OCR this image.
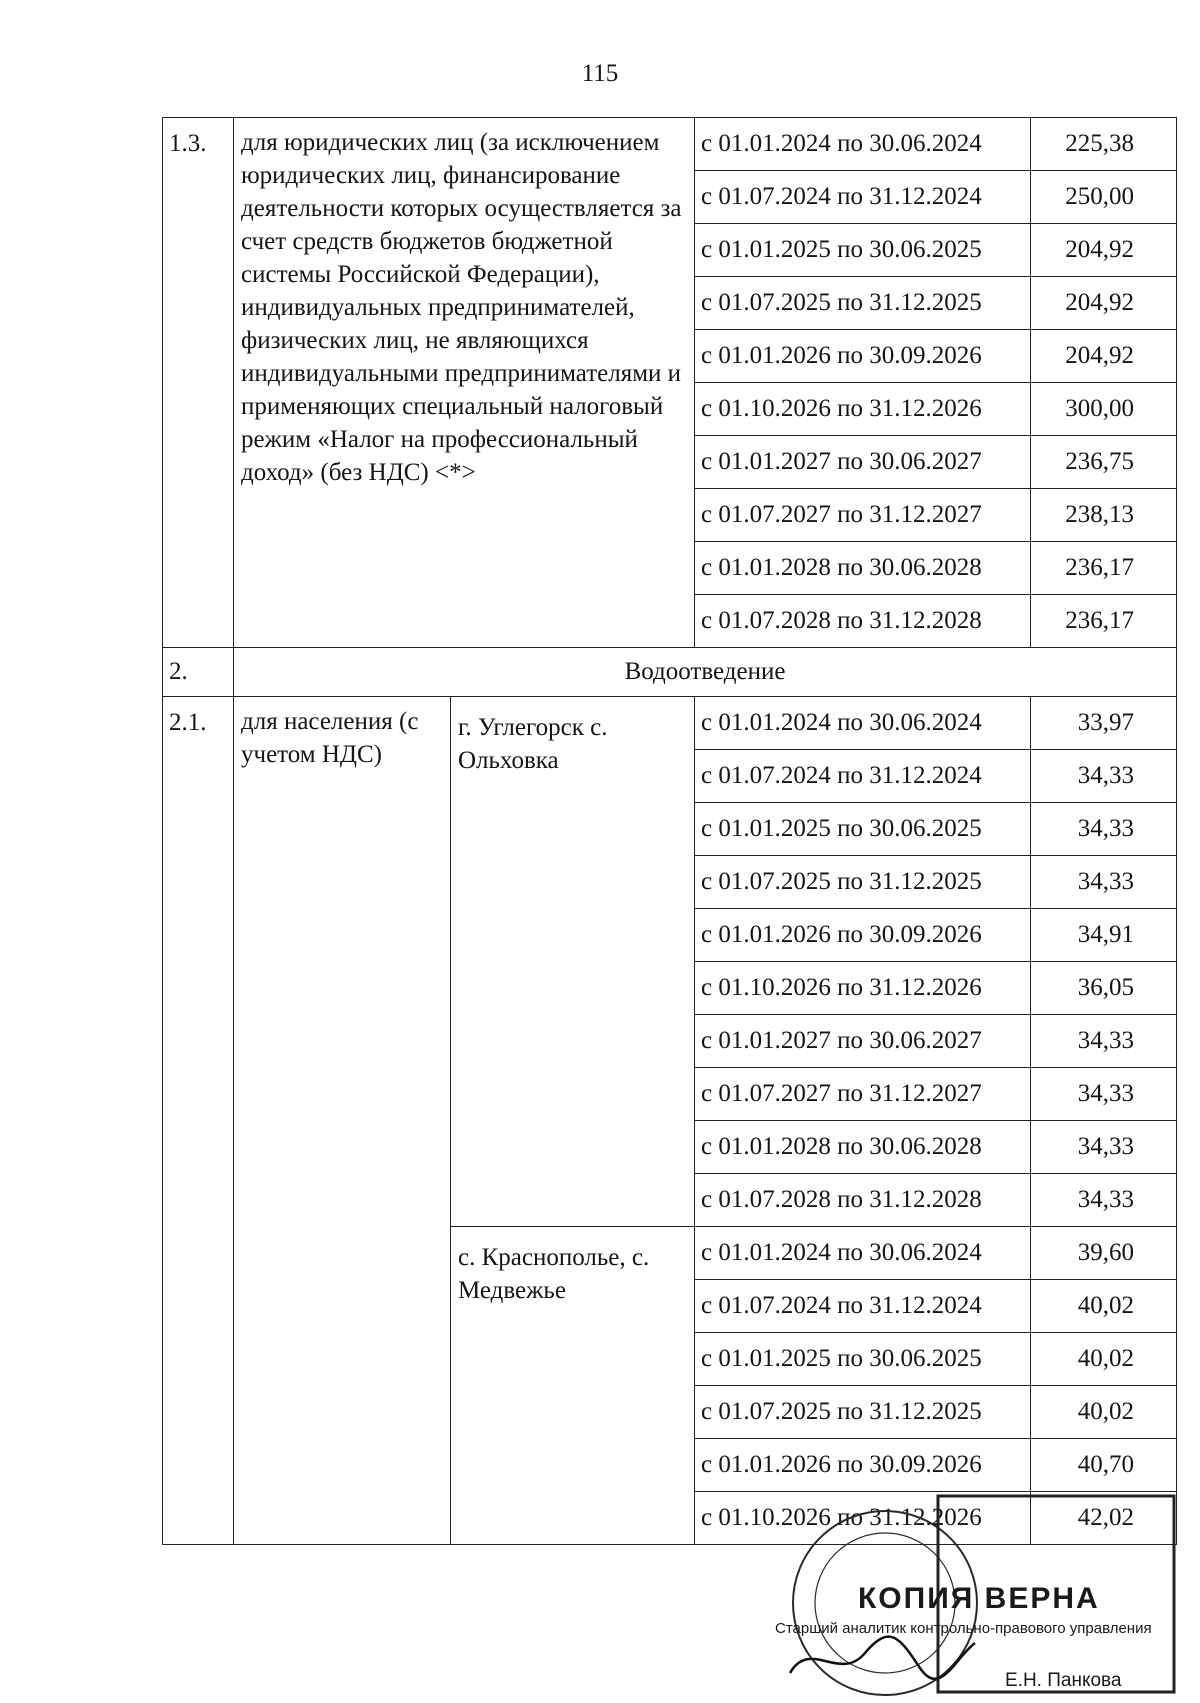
115
1.3.	для юридических лиц (за исключением юридических лиц, финансирование деятельности которых осуществляется за счет средств бюджетов бюджетной системы Российской Федерации), индивидуальных предпринимателей, физических лиц, не являющихся индивидуальными предпринимателями и применяющих специальный налоговый режим «Налог на профессиональный доход» (без НДС) <*>		с 01.01.2024 по 30.06.2024	225,38
			с 01.07.2024 по 31.12.2024	250,00
			с 01.01.2025 по 30.06.2025	204,92
			с 01.07.2025 по 31.12.2025	204,92
			с 01.01.2026 по 30.09.2026	204,92
			с 01.10.2026 по 31.12.2026	300,00
			с 01.01.2027 по 30.06.2027	236,75
			с 01.07.2027 по 31.12.2027	238,13
			с 01.01.2028 по 30.06.2028	236,17
			с 01.07.2028 по 31.12.2028	236,17
2.	Водоотведение			
2.1.	для населения (с учетом НДС)	г. Углегорск с. Ольховка	с 01.01.2024 по 30.06.2024	33,97
			с 01.07.2024 по 31.12.2024	34,33
			с 01.01.2025 по 30.06.2025	34,33
			с 01.07.2025 по 31.12.2025	34,33
			с 01.01.2026 по 30.09.2026	34,91
			с 01.10.2026 по 31.12.2026	36,05
			с 01.01.2027 по 30.06.2027	34,33
			с 01.07.2027 по 31.12.2027	34,33
			с 01.01.2028 по 30.06.2028	34,33
			с 01.07.2028 по 31.12.2028	34,33
		с. Краснополье, с. Медвежье	с 01.01.2024 по 30.06.2024	39,60
			с 01.07.2024 по 31.12.2024	40,02
			с 01.01.2025 по 30.06.2025	40,02
			с 01.07.2025 по 31.12.2025	40,02
			с 01.01.2026 по 30.09.2026	40,70
			с 01.10.2026 по 31.12.2026	42,02
КОПИЯ ВЕРНА
Старший аналитик контрольно-правового управления
Е.Н. Панкова
